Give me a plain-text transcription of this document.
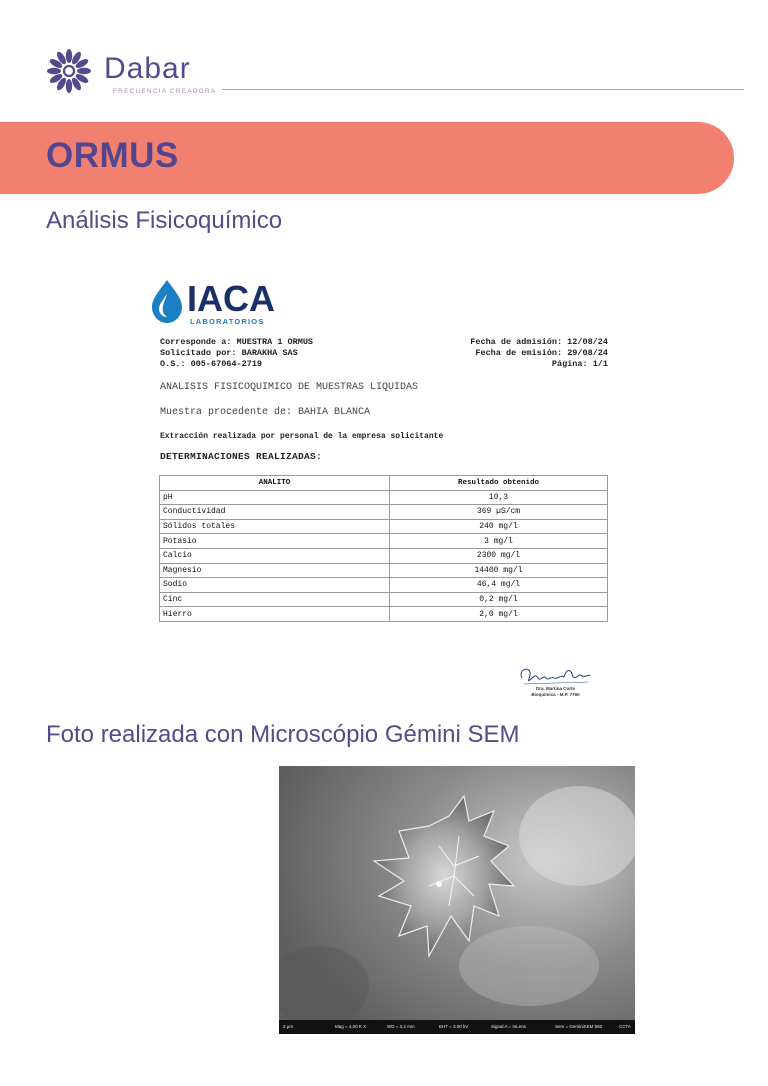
Dabar
FRECUENCIA CREADORA
ORMUS
Análisis Fisicoquímico
IACA
LABORATORIOS
Corresponde a: MUESTRA 1 ORMUS
Solicitado por: BARAKHA SAS
O.S.: 005-67064-2719
Fecha de admisión: 12/08/24
Fecha de emisión: 29/08/24
Página: 1/1
ANALISIS FISICOQUIMICO DE MUESTRAS LIQUIDAS
Muestra procedente de: BAHIA BLANCA
Extracción realizada por personal de la empresa solicitante
DETERMINACIONES REALIZADAS:
ANALITO	Resultado obtenido
pH	10,3
Conductividad	369 µS/cm
Sólidos totales	240 mg/l
Potasio	3 mg/l
Calcio	2300 mg/l
Magnesio	14400 mg/l
Sodio	46,4 mg/l
Cinc	0,2 mg/l
Hierro	2,0 mg/l
Dra. Martina Corte
Bioquímica - M.P. 7760
Foto realizada con Microscópio Gémini SEM
2 µm	Mag = 4,00 K X	WD = 3,2 mm	EHT = 3.00 kV	Signal A = InLens	Sem = GeminiSEM 560	CCTA
